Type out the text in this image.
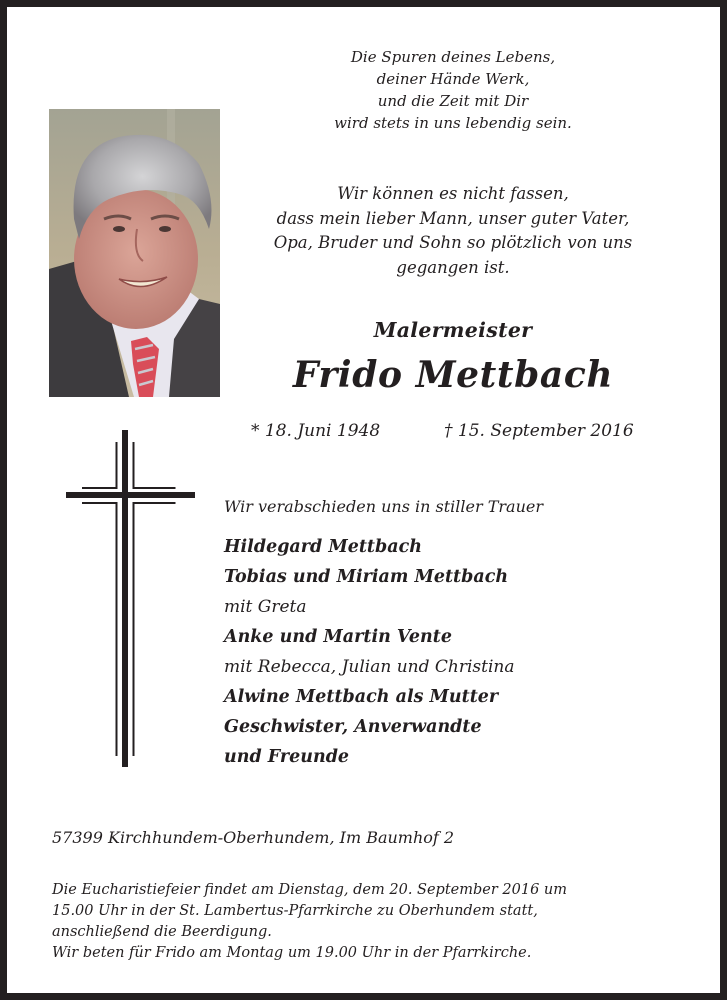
Die Spuren deines Lebens,
deiner Hände Werk,
und die Zeit mit Dir
wird stets in uns lebendig sein.
Wir können es nicht fassen,
dass mein lieber Mann, unser guter Vater,
Opa, Bruder und Sohn so plötzlich von uns
gegangen ist.
Malermeister
Frido Mettbach
* 18. Juni 1948	† 15. September 2016
Wir verabschieden uns in stiller Trauer
Hildegard Mettbach
Tobias und Miriam Mettbach
mit Greta
Anke und Martin Vente
mit Rebecca, Julian und Christina
Alwine Mettbach als Mutter
Geschwister, Anverwandte
und Freunde
57399 Kirchhundem-Oberhundem, Im Baumhof 2
Die Eucharistiefeier findet am Dienstag, dem 20. September 2016 um
15.00 Uhr in der St. Lambertus-Pfarrkirche zu Oberhundem statt,
anschließend die Beerdigung.
Wir beten für Frido am Montag um 19.00 Uhr in der Pfarrkirche.
